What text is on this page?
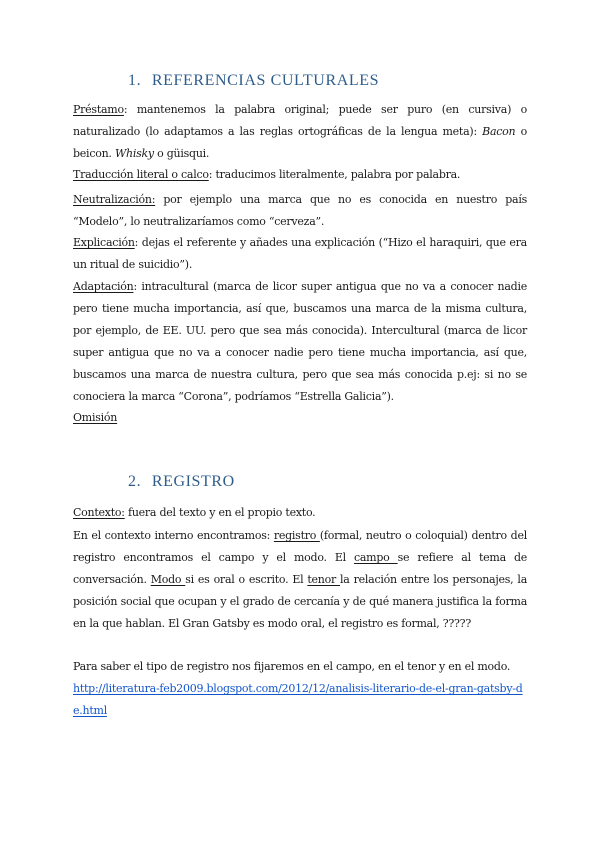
1. REFERENCIAS CULTURALES

Préstamo: mantenemos la palabra original; puede ser puro (en cursiva) o naturalizado (lo adaptamos a las reglas ortográficas de la lengua meta): Bacon o beicon. Whisky o güisqui.

Traducción literal o calco: traducimos literalmente, palabra por palabra.

Neutralización: por ejemplo una marca que no es conocida en nuestro país “Modelo”, lo neutralizaríamos como “cerveza”.

Explicación: dejas el referente y añades una explicación (“Hizo el haraquiri, que era un ritual de suicidio”).

Adaptación: intracultural (marca de licor super antigua que no va a conocer nadie pero tiene mucha importancia, así que, buscamos una marca de la misma cultura, por ejemplo, de EE. UU. pero que sea más conocida). Intercultural (marca de licor super antigua que no va a conocer nadie pero tiene mucha importancia, así que, buscamos una marca de nuestra cultura, pero que sea más conocida p.ej: si no se conociera la marca “Corona”, podríamos “Estrella Galicia”).

Omisión

2. REGISTRO

Contexto: fuera del texto y en el propio texto.

En el contexto interno encontramos: registro (formal, neutro o coloquial) dentro del registro encontramos el campo y el modo. El campo se refiere al tema de conversación. Modo si es oral o escrito. El tenor la relación entre los personajes, la posición social que ocupan y el grado de cercanía y de qué manera justifica la forma en la que hablan. El Gran Gatsby es modo oral, el registro es formal, ?????

Para saber el tipo de registro nos fijaremos en el campo, en el tenor y en el modo.

http://literatura-feb2009.blogspot.com/2012/12/analisis-literario-de-el-gran-gatsby-de.html
